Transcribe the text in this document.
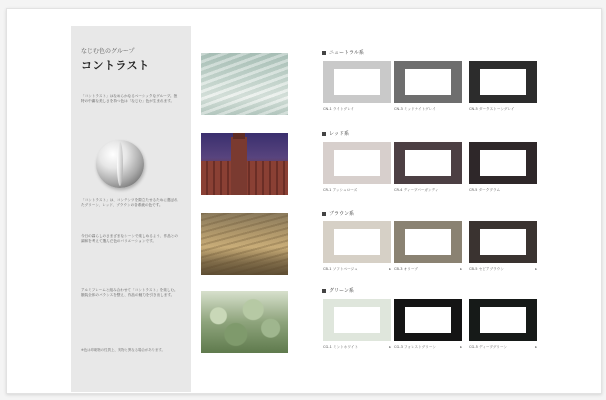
なじむ色のグループ
コントラスト
「コントラスト」はなめらかなるベーシックなグループ。独特の中庸な美しさを持つ色は「なじむ」色が生まれます。
「コントラスト」は、コンテンツを際立たせるために選ばれたグリーン、レッド、ブラウンの各系統の色です。
今日の暮らしのさまざまなシーンで楽しめるよう、作品との調和を考えて選んだ色のバリエーションです。
アルミフレームと組み合わせて「コントラスト」を楽しむ。額装全体のバランスを整え、作品の魅力を引き出します。
※色は印刷物の性質上、実物と異なる場合があります。
ニュートラル系
レッド系
ブラウン系
グリーン系
CN-1 ライトグレイ	CN-3 ミッドナイトグレイ	CN-5 ダークストーングレイ
CR-1 アッシュローズ	CR-4 ディープバーガンディ	CR-5 ダークプラム
CB-1 ソフトベージュ	▸ CB-3 オリーブ	▸ CB-5 セピアブラウン	▸
CG-1 ミントホワイト	▸ CG-3 フォレストグリーン	▸ CG-5 ディープグリーン	▸
